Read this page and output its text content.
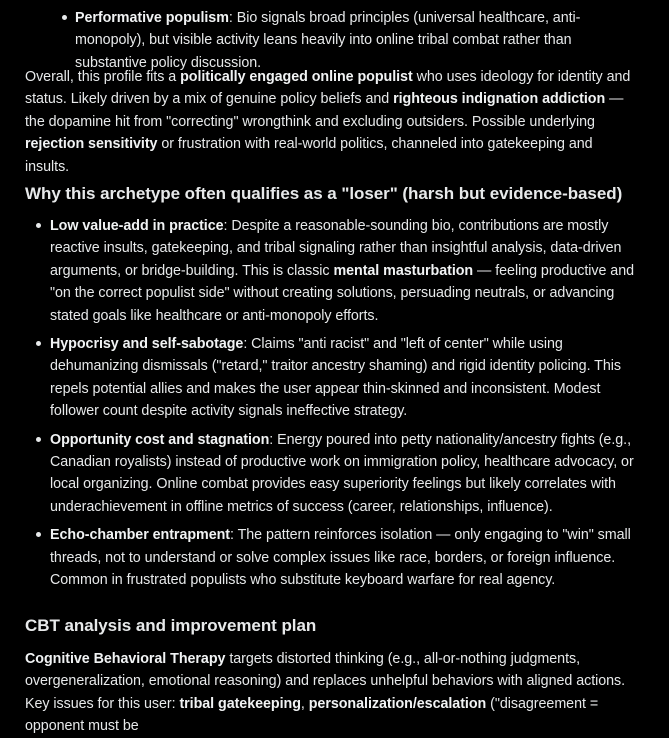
Performative populism: Bio signals broad principles (universal healthcare, anti-monopoly), but visible activity leans heavily into online tribal combat rather than substantive policy discussion.

Overall, this profile fits a politically engaged online populist who uses ideology for identity and status. Likely driven by a mix of genuine policy beliefs and righteous indignation addiction — the dopamine hit from "correcting" wrongthink and excluding outsiders. Possible underlying rejection sensitivity or frustration with real-world politics, channeled into gatekeeping and insults.

Why this archetype often qualifies as a "loser" (harsh but evidence-based)
Low value-add in practice: Despite a reasonable-sounding bio, contributions are mostly reactive insults, gatekeeping, and tribal signaling rather than insightful analysis, data-driven arguments, or bridge-building. This is classic mental masturbation — feeling productive and "on the correct populist side" without creating solutions, persuading neutrals, or advancing stated goals like healthcare or anti-monopoly efforts.
Hypocrisy and self-sabotage: Claims "anti racist" and "left of center" while using dehumanizing dismissals ("retard," traitor ancestry shaming) and rigid identity policing. This repels potential allies and makes the user appear thin-skinned and inconsistent. Modest follower count despite activity signals ineffective strategy.
Opportunity cost and stagnation: Energy poured into petty nationality/ancestry fights (e.g., Canadian royalists) instead of productive work on immigration policy, healthcare advocacy, or local organizing. Online combat provides easy superiority feelings but likely correlates with underachievement in offline metrics of success (career, relationships, influence).
Echo-chamber entrapment: The pattern reinforces isolation — only engaging to "win" small threads, not to understand or solve complex issues like race, borders, or foreign influence. Common in frustrated populists who substitute keyboard warfare for real agency.
CBT analysis and improvement plan

Cognitive Behavioral Therapy targets distorted thinking (e.g., all-or-nothing judgments, overgeneralization, emotional reasoning) and replaces unhelpful behaviors with aligned actions. Key issues for this user: tribal gatekeeping, personalization/escalation ("disagreement = opponent must be
